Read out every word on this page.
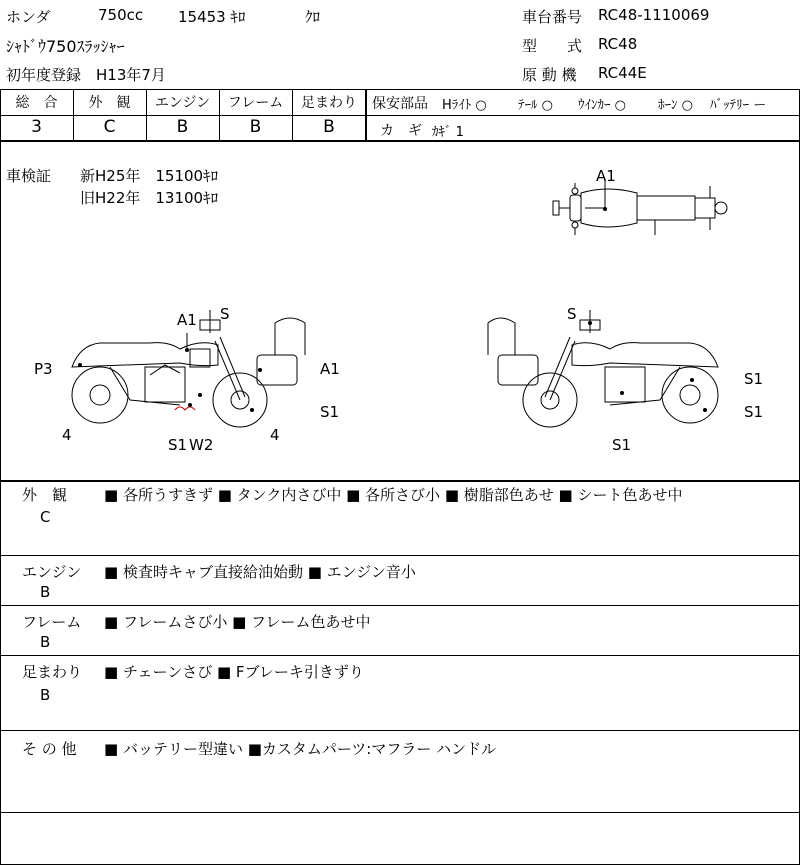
ホンダ	750cc 15453 ｷﾛ	ｸﾛ
ｼｬﾄﾞｳ750ｽﾗｯｼｬｰ
初年度登録 H13年7月
車台番号 RC48-1110069
型　　式 RC48
原 動 機 RC44E
総　合	外　観	エンジン	フレーム	足まわり
3	C	B	B	B
保安部品 Hﾗｲﾄ ○ ﾃｰﾙ ○ ｳｲﾝｶｰ ○ ﾎｰﾝ ○ ﾊﾞｯﾃﾘｰ ー
カ　ギ ｶｷﾞ 1
車検証 新H25年　15100ｷﾛ
旧H22年　13100ｷﾛ
A1
A1 S
P3	A1
S1
4	4
S1 W2
S
S1
S1
S1
外　観
C
■ 各所うすきず ■ タンク内さび中 ■ 各所さび小 ■ 樹脂部色あせ ■ シート色あせ中
エンジン
B
■ 検査時キャブ直接給油始動 ■ エンジン音小
フレーム
B
■ フレームさび小 ■ フレーム色あせ中
足まわり
B
■ チェーンさび ■ Fブレーキ引きずり
そ の 他 ■ バッテリー型違い ■カスタムパーツ:マフラー ハンドル
